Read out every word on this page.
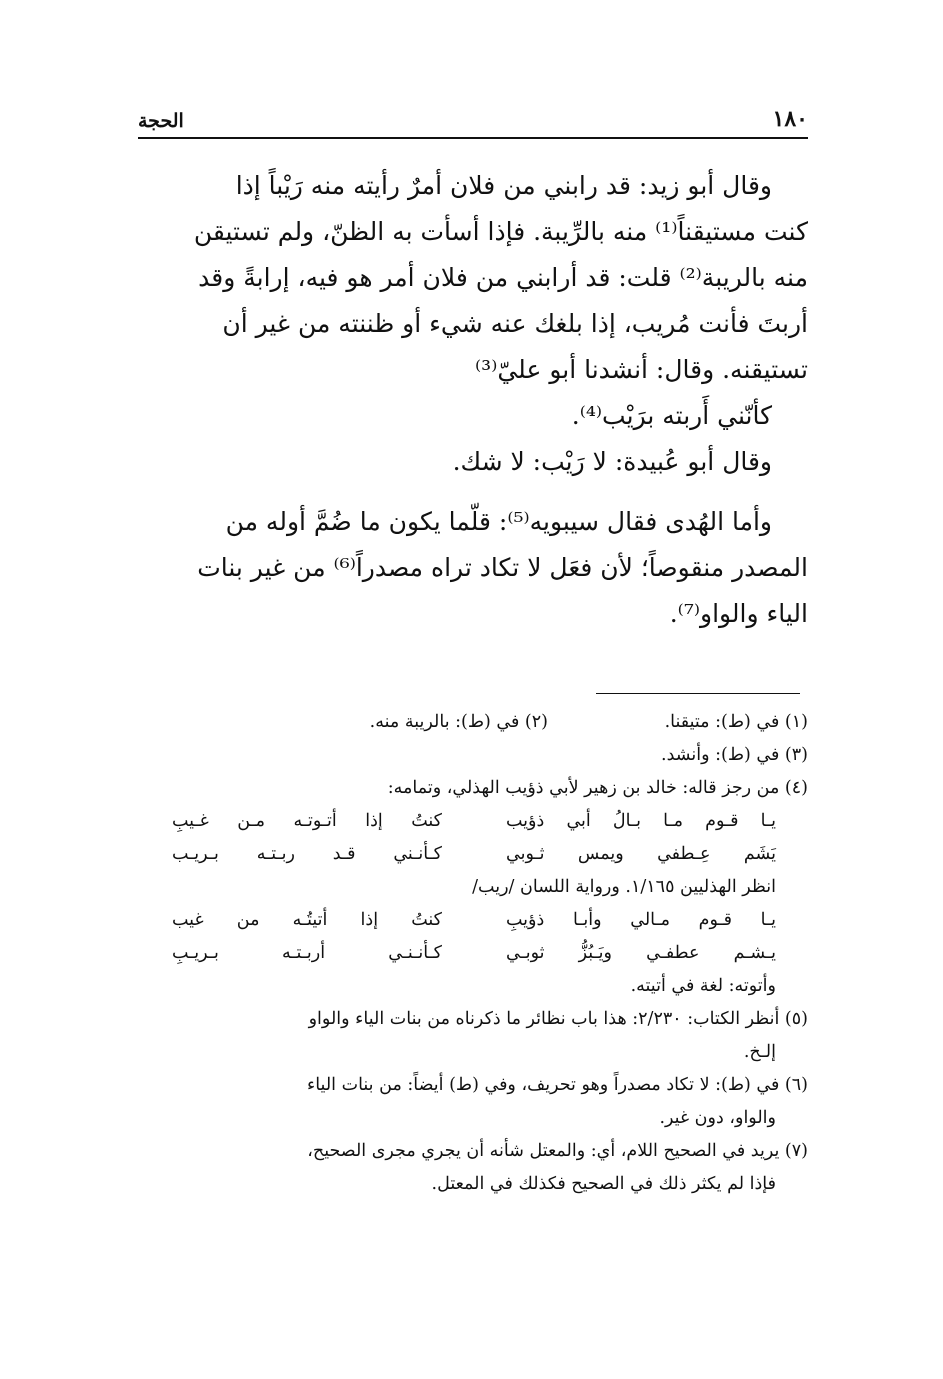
١٨٠
الحجة
وقال أبو زيد: قد رابني من فلان أمرٌ رأيته منه رَيْباً إذا
كنت مستيقناً⁽¹⁾ منه بالرِّيبة. فإذا أسأت به الظنّ، ولم تستيقن
منه بالريبة⁽²⁾ قلت: قد أرابني من فلان أمر هو فيه، إرابةً وقد
أربتَ فأنت مُريب، إذا بلغك عنه شيء أو ظننته من غير أن
تستيقنه. وقال: أنشدنا أبو عليّ⁽³⁾
كأنّني أَربته برَيْب⁽⁴⁾.
وقال أبو عُبيدة: لا رَيْب: لا شك.
وأما الهُدى فقال سيبويه⁽⁵⁾: قلّما يكون ما ضُمَّ أوله من
المصدر منقوصاً؛ لأن فعَل لا تكاد تراه مصدراً⁽⁶⁾ من غير بنات
الياء والواو⁽⁷⁾.
(١) في (ط): متيقنا.
(٢) في (ط): بالريبة منه.
(٣) في (ط): وأنشد.
(٤) من رجز قاله: خالد بن زهير لأبي ذؤيب الهذلي، وتمامه:
يـا قـوم مـا بـالُ أبي ذؤيب
كنتُ إذا أتـوتـه مـن غـيبِ
يَشَم عِـطفي ويمس ثـوبي
كـأنـني قـد ربـتـه بـريـب
انظر الهذليين ١/١٦٥. ورواية اللسان /ريب/
يـا قـوم مـالي وأبـا ذؤيبِ
كنتُ إذا أتيتُـه من غيب
يـشـم عطفـي ويَـبُزُّ ثوبـي
كـأنـنـي أربـتـه بـريـبِ
وأتوته: لغة في أتيته.
(٥) أنظر الكتاب: ٢/٢٣٠: هذا باب نظائر ما ذكرناه من بنات الياء والواو
إلـخ.
(٦) في (ط): لا تكاد مصدراً وهو تحريف، وفي (ط) أيضاً: من بنات الياء
والواو، دون غير.
(٧) يريد في الصحيح اللام، أي: والمعتل شأنه أن يجري مجرى الصحيح،
فإذا لم يكثر ذلك في الصحيح فكذلك في المعتل.
